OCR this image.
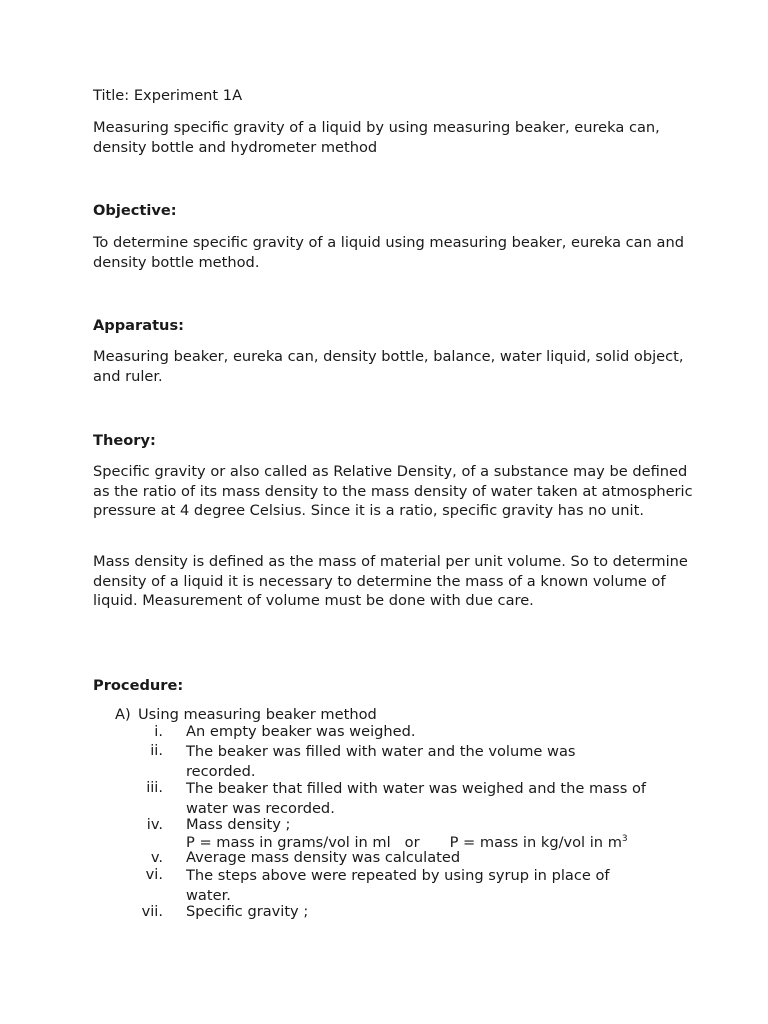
Title: Experiment 1A

Measuring specific gravity of a liquid by using measuring beaker, eureka can, density bottle and hydrometer method

Objective:

To determine specific gravity of a liquid using measuring beaker, eureka can and density bottle method.

Apparatus:

Measuring beaker, eureka can, density bottle, balance, water liquid, solid object, and ruler.

Theory:

Specific gravity or also called as Relative Density, of a substance may be defined as the ratio of its mass density to the mass density of water taken at atmospheric pressure at 4 degree Celsius. Since it is a ratio, specific gravity has no unit.

Mass density is defined as the mass of material per unit volume. So to determine density of a liquid it is necessary to determine the mass of a known volume of liquid. Measurement of volume must be done with due care.

Procedure:

A) Using measuring beaker method
i. An empty beaker was weighed.
ii. The beaker was filled with water and the volume was recorded.
iii. The beaker that filled with water was weighed and the mass of water was recorded.
iv. Mass density ;
P = mass in grams/vol in ml or P = mass in kg/vol in $m^3$
v. Average mass density was calculated
vi. The steps above were repeated by using syrup in place of water.
vii. Specific gravity ;
